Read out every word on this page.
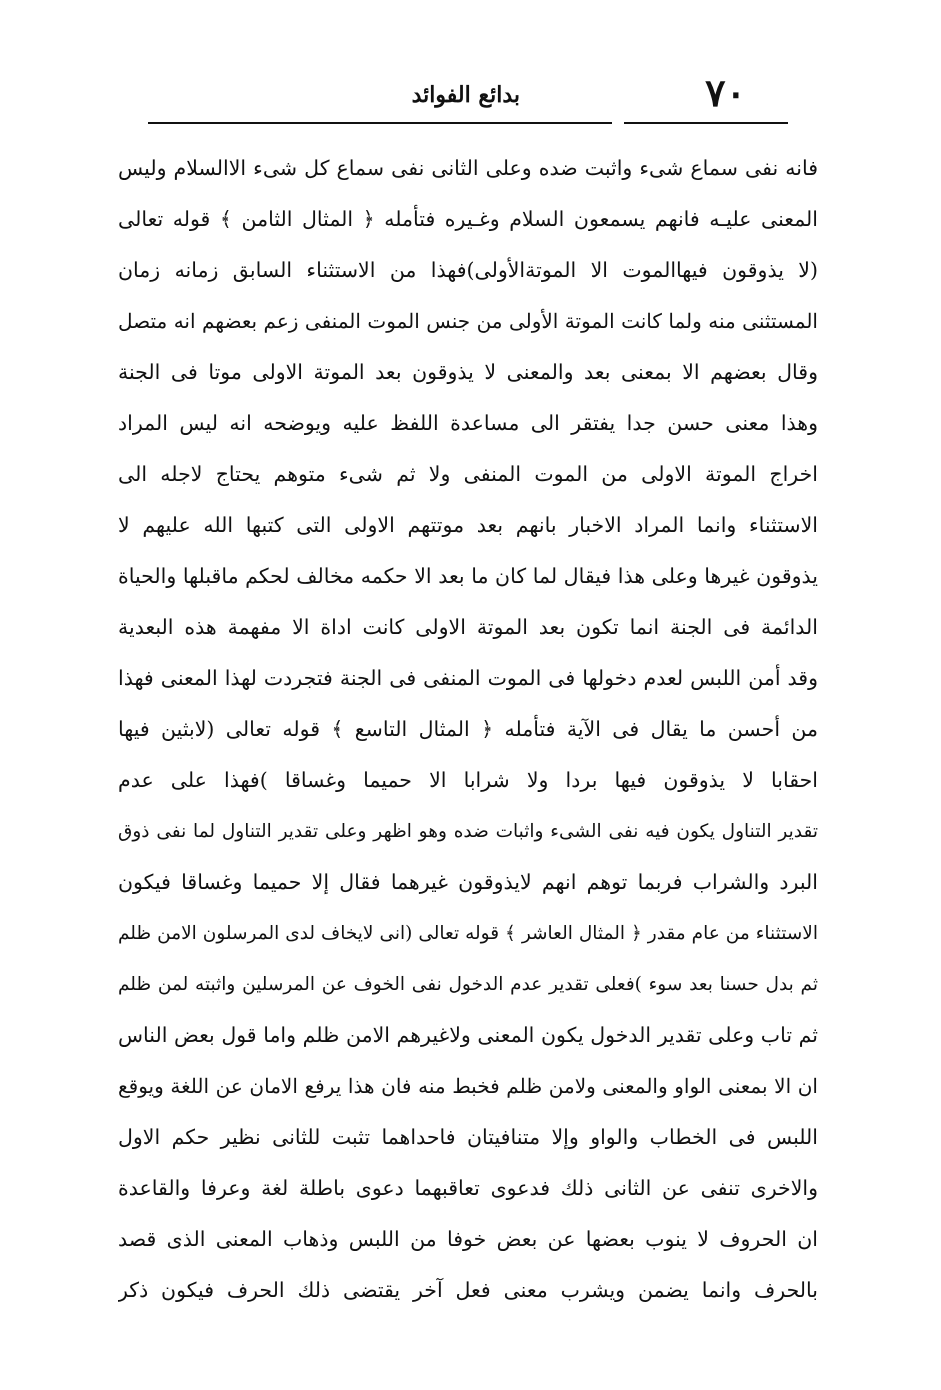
٧٠
بدائع الفوائد
فانه نفى سماع شىء واثبت ضده وعلى الثانى نفى سماع كل شىء الاالسلام وليس
المعنى عليـه فانهم يسمعون السلام وغـيره فتأمله ﴿ المثال الثامن ﴾ قوله تعالى
(لا يذوقون فيهاالموت الا الموتةالأولى)فهذا من الاستثناء السابق زمانه زمان
المستثنى منه ولما كانت الموتة الأولى من جنس الموت المنفى زعم بعضهم انه متصل
وقال بعضهم الا بمعنى بعد والمعنى لا يذوقون بعد الموتة الاولى موتا فى الجنة
وهذا معنى حسن جدا يفتقر الى مساعدة اللفظ عليه ويوضحه انه ليس المراد
اخراج الموتة الاولى من الموت المنفى ولا ثم شىء متوهم يحتاج لاجله الى
الاستثناء وانما المراد الاخبار بانهم بعد موتتهم الاولى التى كتبها الله عليهم لا
يذوقون غيرها وعلى هذا فيقال لما كان ما بعد الا حكمه مخالف لحكم ماقبلها والحياة
الدائمة فى الجنة انما تكون بعد الموتة الاولى كانت اداة الا مفهمة هذه البعدية
وقد أمن اللبس لعدم دخولها فى الموت المنفى فى الجنة فتجردت لهذا المعنى فهذا
من أحسن ما يقال فى الآية فتأمله ﴿ المثال التاسع ﴾ قوله تعالى (لابثين فيها
احقابا لا يذوقون فيها بردا ولا شرابا الا حميما وغساقا )فهذا على عدم
تقدير التناول يكون فيه نفى الشىء واثبات ضده وهو اظهر وعلى تقدير التناول لما نفى ذوق
البرد والشراب فربما توهم انهم لايذوقون غيرهما فقال إلا حميما وغساقا فيكون
الاستثناء من عام مقدر ﴿ المثال العاشر ﴾ قوله تعالى (انى لايخاف لدى المرسلون الامن ظلم
ثم بدل حسنا بعد سوء )فعلى تقدير عدم الدخول نفى الخوف عن المرسلين واثبته لمن ظلم
ثم تاب وعلى تقدير الدخول يكون المعنى ولاغيرهم الامن ظلم واما قول بعض الناس
ان الا بمعنى الواو والمعنى ولامن ظلم فخبط منه فان هذا يرفع الامان عن اللغة ويوقع
اللبس فى الخطاب والواو وإلا متنافيتان فاحداهما تثبت للثانى نظير حكم الاول
والاخرى تنفى عن الثانى ذلك فدعوى تعاقبهما دعوى باطلة لغة وعرفا والقاعدة
ان الحروف لا ينوب بعضها عن بعض خوفا من اللبس وذهاب المعنى الذى قصد
بالحرف وانما يضمن ويشرب معنى فعل آخر يقتضى ذلك الحرف فيكون ذكر
